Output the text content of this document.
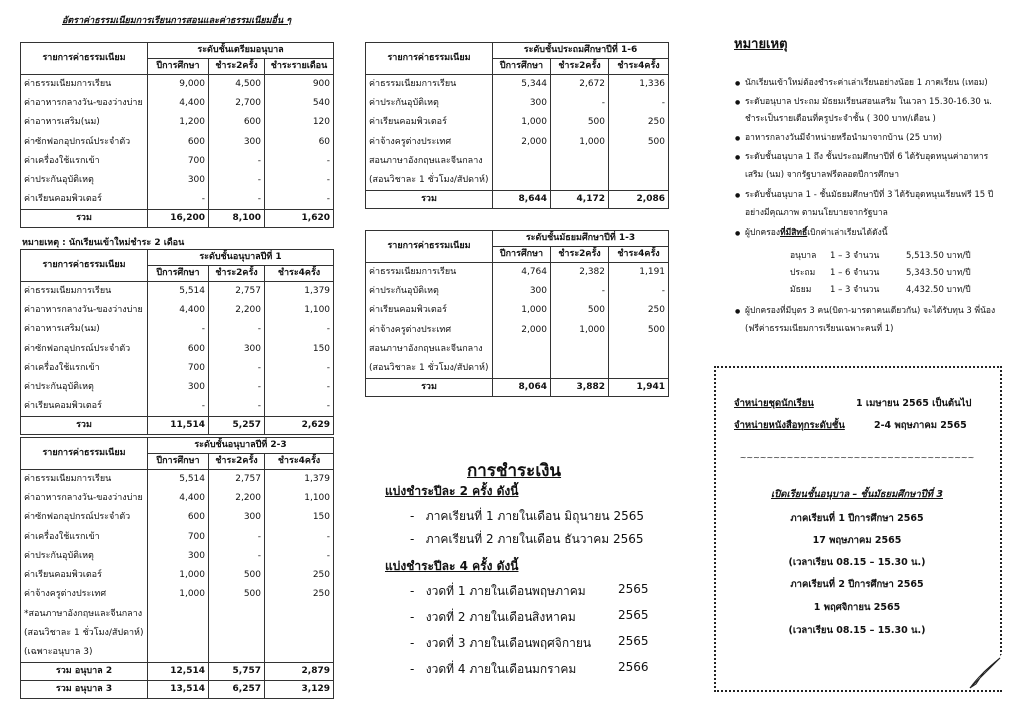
อัตราค่าธรรมเนียมการเรียนการสอนและค่าธรรมเนียมอื่น ๆ
รายการค่าธรรมเนียม	ระดับชั้นเตรียมอนุบาล		
	ปีการศึกษา	ชำระ2ครั้ง	ชำระรายเดือน
ค่าธรรมเนียมการเรียน	9,000	4,500	900
ค่าอาหารกลางวัน-ของว่างบ่าย	4,400	2,700	540
ค่าอาหารเสริม(นม)	1,200	600	120
ค่าซักฟอกอุปกรณ์ประจำตัว	600	300	60
ค่าเครื่องใช้แรกเข้า	700	-	-
ค่าประกันอุบัติเหตุ	300	-	-
ค่าเรียนคอมพิวเตอร์	-	-	-
รวม	16,200	8,100	1,620
หมายเหตุ : นักเรียนเข้าใหม่ชำระ 2 เดือน
รายการค่าธรรมเนียม	ระดับชั้นอนุบาลปีที่ 1		
	ปีการศึกษา	ชำระ2ครั้ง	ชำระ4ครั้ง
ค่าธรรมเนียมการเรียน	5,514	2,757	1,379
ค่าอาหารกลางวัน-ของว่างบ่าย	4,400	2,200	1,100
ค่าอาหารเสริม(นม)	-	-	-
ค่าซักฟอกอุปกรณ์ประจำตัว	600	300	150
ค่าเครื่องใช้แรกเข้า	700	-	-
ค่าประกันอุบัติเหตุ	300	-	-
ค่าเรียนคอมพิวเตอร์	-	-	-
รวม	11,514	5,257	2,629
รายการค่าธรรมเนียม	ระดับชั้นอนุบาลปีที่ 2-3		
	ปีการศึกษา	ชำระ2ครั้ง	ชำระ4ครั้ง
ค่าธรรมเนียมการเรียน	5,514	2,757	1,379
ค่าอาหารกลางวัน-ของว่างบ่าย	4,400	2,200	1,100
ค่าซักฟอกอุปกรณ์ประจำตัว	600	300	150
ค่าเครื่องใช้แรกเข้า	700	-	-
ค่าประกันอุบัติเหตุ	300	-	-
ค่าเรียนคอมพิวเตอร์	1,000	500	250
ค่าจ้างครูต่างประเทศ	1,000	500	250
*สอนภาษาอังกฤษและจีนกลาง			
(สอนวิชาละ 1 ชั่วโมง/สัปดาห์)			
(เฉพาะอนุบาล 3)			
รวม อนุบาล 2	12,514	5,757	2,879
รวม อนุบาล 3	13,514	6,257	3,129
รายการค่าธรรมเนียม	ระดับชั้นประถมศึกษาปีที่ 1-6		
	ปีการศึกษา	ชำระ2ครั้ง	ชำระ4ครั้ง
ค่าธรรมเนียมการเรียน	5,344	2,672	1,336
ค่าประกันอุบัติเหตุ	300	-	-
ค่าเรียนคอมพิวเตอร์	1,000	500	250
ค่าจ้างครูต่างประเทศ	2,000	1,000	500
สอนภาษาอังกฤษและจีนกลาง			
(สอนวิชาละ 1 ชั่วโมง/สัปดาห์)			
รวม	8,644	4,172	2,086
รายการค่าธรรมเนียม	ระดับชั้นมัธยมศึกษาปีที่ 1-3		
	ปีการศึกษา	ชำระ2ครั้ง	ชำระ4ครั้ง
ค่าธรรมเนียมการเรียน	4,764	2,382	1,191
ค่าประกันอุบัติเหตุ	300	-	-
ค่าเรียนคอมพิวเตอร์	1,000	500	250
ค่าจ้างครูต่างประเทศ	2,000	1,000	500
สอนภาษาอังกฤษและจีนกลาง			
(สอนวิชาละ 1 ชั่วโมง/สัปดาห์)			
รวม	8,064	3,882	1,941
การชำระเงิน
แบ่งชำระปีละ 2 ครั้ง ดังนี้
-   ภาคเรียนที่ 1 ภายในเดือน มิถุนายน 2565
-   ภาคเรียนที่ 2 ภายในเดือน ธันวาคม 2565
แบ่งชำระปีละ 4 ครั้ง ดังนี้
-   งวดที่ 1 ภายในเดือน พฤษภาคม	2565
-   งวดที่ 2 ภายในเดือน สิงหาคม	2565
-   งวดที่ 3 ภายในเดือน พฤศจิกายน 2565
-   งวดที่ 4 ภายในเดือน มกราคม	2566
หมายเหตุ
● นักเรียนเข้าใหม่ต้องชำระค่าเล่าเรียนอย่างน้อย 1 ภาคเรียน (เทอม)
● ระดับอนุบาล ประถม มัธยมเรียนสอนเสริม ในเวลา 15.30-16.30 น.
ชำระเป็นรายเดือนที่ครูประจำชั้น ( 300 บาท/เดือน )
● อาหารกลางวันมีจำหน่ายหรือนำมาจากบ้าน (25 บาท)
● ระดับชั้นอนุบาล 1 ถึง ชั้นประถมศึกษาปีที่ 6 ได้รับอุดหนุนค่าอาหาร
เสริม (นม) จากรัฐบาลฟรีตลอดปีการศึกษา
● ระดับชั้นอนุบาล 1 - ชั้นมัธยมศึกษาปีที่ 3 ได้รับอุดหนุนเรียนฟรี 15 ปี
อย่างมีคุณภาพ ตามนโยบายจากรัฐบาล
● ผู้ปกครองที่มีสิทธิ์เบิกค่าเล่าเรียนได้ดังนี้
อนุบาล 1 – 3 จำนวน	5,513.50 บาท/ปี
ประถม 1 – 6 จำนวน	5,343.50 บาท/ปี
มัธยม 1 – 3 จำนวน	4,432.50 บาท/ปี
● ผู้ปกครองที่มีบุตร 3 คน(บิดา-มารดาคนเดียวกัน) จะได้รับทุน 3 พี่น้อง
(ฟรีค่าธรรมเนียมการเรียนเฉพาะคนที่ 1)
จำหน่ายชุดนักเรียน	1 เมษายน 2565 เป็นต้นไป
จำหน่ายหนังสือทุกระดับชั้น	2-4 พฤษภาคม 2565
~~~~~~~~~~~~~~~~~~~~~~~~~~~~~~~~~~~
เปิดเรียนชั้นอนุบาล – ชั้นมัธยมศึกษาปีที่ 3
ภาคเรียนที่ 1 ปีการศึกษา 2565
17 พฤษภาคม 2565
(เวลาเรียน 08.15 – 15.30 น.)
ภาคเรียนที่ 2 ปีการศึกษา 2565
1 พฤศจิกายน 2565
(เวลาเรียน 08.15 – 15.30 น.)
